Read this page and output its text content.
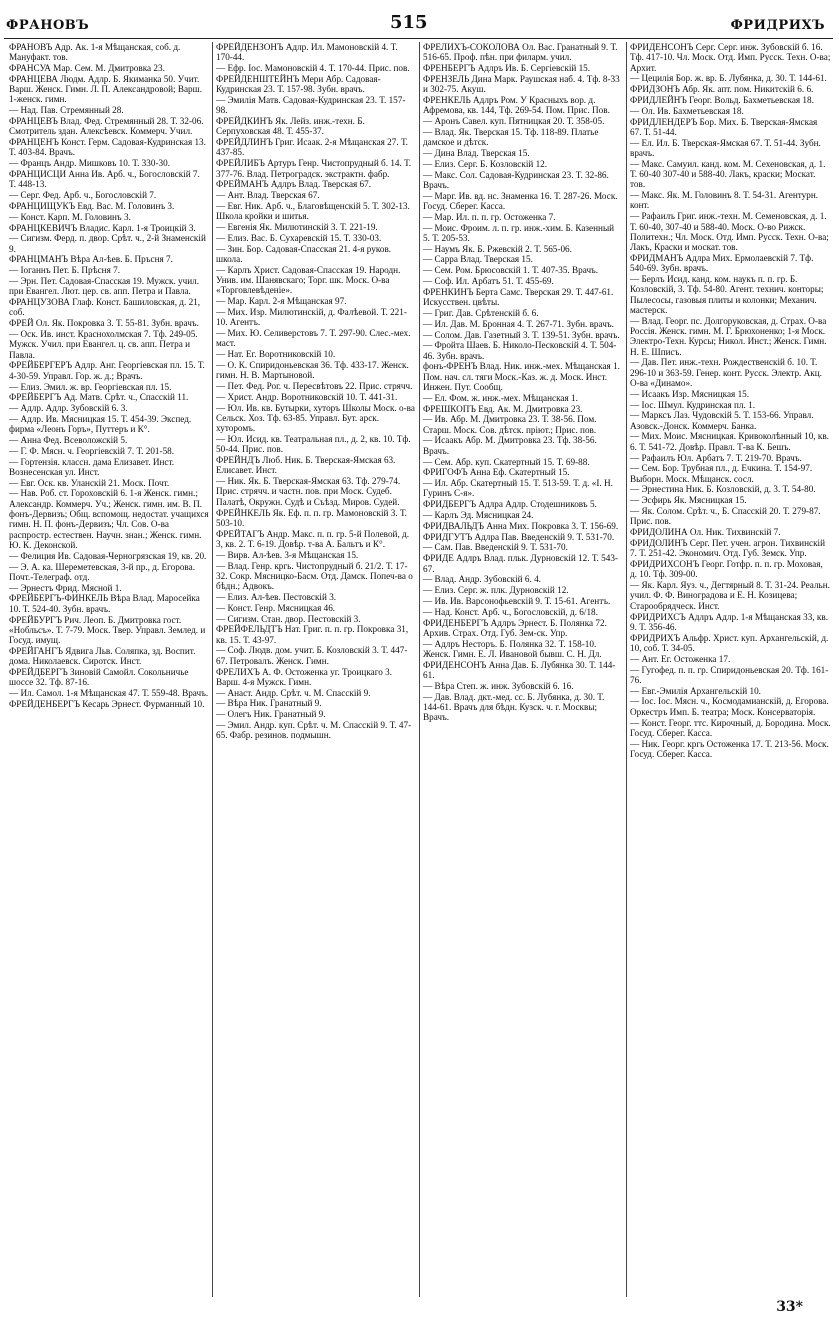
ФРАНОВЪ	515	ФРИДРИХЪ
ФРАНОВЪ Адр. Ак. 1-я Мѣщанская, соб. д. Мануфакт. тов.
ФРАНСУА Мар. Сем. М. Дмитровка 23.
ФРАНЦЕВА Людм. Адлр. Б. Якиманка 50. Учит. Варш. Женск. Гимн. Л. П. Александровой; Варш. 1-женск. гимн.
— Над. Пав. Стремянный 28.
ФРАНЦЕВЪ Влад. Фед. Стремянный 28. Т. 32-06. Смотритель здан. Алексѣевск. Коммерч. Учил.
ФРАНЦЕНЪ Конст. Герм. Садовая-Кудринская 13. Т. 403-84. Врачъ.
— Францъ Андр. Мишковъ 10. Т. 330-30.
ФРАНЦИСЦИ Анна Ив. Арб. ч., Богословскій 7. Т. 448-13.
— Серг. Фед. Арб. ч., Богословскій 7.
ФРАНЦИЩУКЪ Евд. Вас. М. Головинъ 3.
— Конст. Карп. М. Головинъ 3.
ФРАНЦКЕВИЧЪ Владис. Карл. 1-я Троицкій 3.
— Сигизм. Ферд. п. двор. Срѣт. ч., 2-й Знаменскій 9.
ФРАНЦМАНЪ Вѣра Ал-ѣев. Б. Пръсня 7.
— Іоганнъ Пет. Б. Прѣсня 7.
— Эрн. Пет. Садовая-Спасская 19. Мужск. учил. при Евангел. Лют. цер. св. апп. Петра и Павла.
ФРАНЦУЗОВА Глаф. Конст. Башиловская, д. 21, соб.
ФРЕЙ Ол. Як. Покровка 3. Т. 55-81. Зубн. врачъ.
— Оск. Ив. инст. Краснохолмская 7. Тф. 249-05. Мужск. Учил. при Евангел. ц. св. апп. Петра и Павла.
ФРЕЙБЕРГЕРЪ Адлр. Анг. Георгіевская пл. 15. Т. 4-30-59. Управл. Гор. ж. д.; Врачъ.
— Елиз. Эмил. ж. вр. Георгіевская пл. 15.
ФРЕЙБЕРГЪ Ад. Матв. Срѣт. ч., Спасскій 11.
— Адлр. Адлр. Зубовскій 6. 3.
— Адлр. Ив. Мясницкая 15. Т. 454-39. Экспед. фирма «Леонъ Горъ», Путтеръ и К°.
— Анна Фед. Всеволожскій 5.
— Г. Ф. Мясн. ч. Георгіевскій 7. Т. 201-58.
— Гортензія. классн. дама Елизавет. Инст. Вознесенская ул. Инст.
— Евг. Оск. кв. Уланскій 21. Моск. Почт.
— Нав. Роб. ст. Гороховскій 6. 1-я Женск. гимн.; Александр. Коммерч. Уч.; Женск. гимн. им. В. П. фонъ-Дервизъ; Общ. вспомощ. недостат. учащихся гимн. Н. П. фонъ-Дервизъ; Чл. Сов. О-ва распростр. естествен. Научн. знан.; Женск. гимн. Ю. К. Деконской.
— Фелиция Ив. Садовая-Черногрязская 19, кв. 20.
— Э. А. ка. Шереметевская, 3-й пр., д. Егорова. Почт.-Телеграф. отд.
— Эрнестъ Фрид. Мясной 1.
ФРЕЙБЕРГЪ-ФИНКЕЛЬ Вѣра Влад. Маросейка 10. Т. 524-40. Зубн. врачъ.
ФРЕЙБУРГЪ Рич. Леоп. Б. Дмитровка гост. «Нобльсъ». Т. 7-79. Моск. Твер. Управл. Землед. и Госуд. имущ.
ФРЕЙГАНГЪ Ядвига Льв. Соляпка, зд. Воспит. дома. Николаевск. Сиротск. Инст.
ФРЕЙДБЕРГЪ Зиновій Самойл. Сокольничье шоссе 32. Тф. 87-16.
— Ил. Самол. 1-я Мѣщанская 47. Т. 559-48. Врачъ.
ФРЕЙДЕНБЕРГЪ Кесарь Эрнест. Фурманный 10.
ФРЕЙДЕНЗОНЪ Адлр. Ил. Мамоновскій 4. Т. 170-44.
— Ефр. Іос. Мамоновскій 4. Т. 170-44. Прис. пов.
ФРЕЙДЕНШТЕЙНЪ Мери Абр. Садовая-Кудринская 23. Т. 157-98. Зубн. врачъ.
— Эмилія Матв. Садовая-Кудринская 23. Т. 157-98.
ФРЕЙДКИНЪ Як. Лейз. инж.-техн. Б. Серпуховская 48. Т. 455-37.
ФРЕЙДЛИНЪ Григ. Исаак. 2-я Мѣщанская 27. Т. 437-85.
ФРЕЙЛИБЪ Артуръ Генр. Чистопрудный б. 14. Т. 377-76. Влад. Петроградск. экстрактн. фабр.
ФРЕЙМАНЪ Адлръ Влад. Тверская 67.
— Ант. Влад. Тверская 67.
— Евг. Ник. Арб. ч., Благовѣщенскій 5. Т. 302-13. Школа кройки и шитья.
— Евгенія Як. Милютинскій 3. Т. 221-19.
— Елиз. Вас. Б. Сухаревскій 15. Т. 330-03.
— Зин. Бор. Садовая-Спасская 21. 4-я руков. школа.
— Карлъ Христ. Садовая-Спасская 19. Народн. Унив. им. Шанявскаго; Торг. шк. Моск. О-ва «Торговлевѣденіе».
— Мар. Карл. 2-я Мѣщанская 97.
— Мих. Изр. Милютинскій, д. Фалѣевой. Т. 221-10. Агентъ.
— Мих. Ю. Селиверстовъ 7. Т. 297-90. Слес.-мех. маст.
— Нат. Ег. Воротниковскій 10.
— О. К. Спиридоньевская 36. Тф. 433-17. Женск. гимн. Н. В. Мартыновой.
— Пет. Фед. Рог. ч. Пересвѣтовъ 22. Прис. стрячч.
— Христ. Андр. Воротниковскій 10. Т. 441-31.
— Юл. Ив. кв. Бутырки, хуторъ Школы Моск. о-ва Сельск. Хоз. Тф. 63-85. Управл. Бут. арск. хуторомъ.
— Юл. Исид. кв. Театральная пл., д. 2, кв. 10. Тф. 50-44. Прис. пов.
ФРЕЙНДЪ Люб. Ник. Б. Тверская-Ямская 63. Елисавет. Инст.
— Ник. Як. Б. Тверская-Ямская 63. Тф. 279-74. Прис. стрячч. и частн. пов. при Моск. Судеб. Палатѣ, Окружн. Судѣ и Съѣзд. Миров. Судей.
ФРЕЙНКЕЛЬ Як. Еф. п. п. гр. Мамоновскій 3. Т. 503-10.
ФРЕЙТАГЪ Андр. Макс. п. п. гр. 5-й Полевой, д. 3, кв. 2. Т. 6-19. Довѣр. т-ва А. Бальтъ и К°.
— Вирв. Ал-ѣев. 3-я Мѣщанская 15.
— Влад. Генр. кргь. Чистопрудный б. 21/2. Т. 17-32. Сокр. Мясницко-Басм. Отд. Дамск. Попеч-ва о бѣдн.; Адвокъ.
— Елиз. Ал-ѣев. Пестовскій 3.
— Конст. Генр. Мясницкая 46.
— Сигизм. Стан. двор. Пестовскій 3.
ФРЕЙФЕЛЬДТЪ Нат. Григ. п. п. гр. Покровка 31, кв. 15. Т. 43-97.
— Соф. Людв. дом. учит. Б. Козловскій 3. Т. 447-67. Петровалъ. Женск. Гимн.
ФРЕЛИХЪ А. Ф. Остоженка уг. Троицкаго 3. Варш. 4-я Мужск. Гимн.
— Анаст. Андр. Срѣт. ч. М. Спасскій 9.
— Вѣра Ник. Гранатный 9.
— Олегъ Ник. Гранатный 9.
— Эмил. Андр. куп. Срѣт. ч. М. Спасскій 9. Т. 47-65. Фабр. резинов. подмышн.
ФРЕЛИХЪ-СОКОЛОВА Ол. Вас. Гранатный 9. Т. 516-65. Проф. пѣн. при филарм. учил.
ФРЕНБЕРГЪ Адлръ Ив. Б. Сергіевскій 15.
ФРЕНЗЕЛЬ Дина Марк. Раушская наб. 4. Тф. 8-33 и 302-75. Акуш.
ФРЕНКЕЛЬ Адлръ Ром. У Красныхъ вор. д. Афремова, кв. 144, Тф. 269-54. Пом. Прис. Пов.
— Аронъ Савел. куп. Пятницкая 20. Т. 358-05.
— Влад. Як. Тверская 15. Тф. 118-89. Платье дамское и дѣтск.
— Дина Влад. Тверская 15.
— Елиз. Серг. Б. Козловскій 12.
— Макс. Сол. Садовая-Кудринская 23. Т. 32-86. Врачъ.
— Марг. Ив. вд. нс. Знаменка 16. Т. 287-26. Моск. Госуд. Сберег. Касса.
— Мар. Ил. п. п. гр. Остоженка 7.
— Моис. Фроим. л. п. гр. инж.-хим. Б. Казенный 5. Т. 205-53.
— Наумъ Як. Б. Ржевскій 2. Т. 565-06.
— Сарра Влад. Тверская 15.
— Сем. Ром. Брюсовскій 1. Т. 407-35. Врачъ.
— Соф. Ил. Арбатъ 51. Т. 455-69.
ФРЕНКИНЪ Берта Самс. Тверская 29. Т. 447-61. Искусствен. цвѣты.
— Григ. Дав. Срѣтенскій б. 6.
— Ил. Дав. М. Бронная 4. Т. 267-71. Зубн. врачъ.
— Солом. Дав. Газетный 3. Т. 139-51. Зубн. врачъ.
— Фройта Шаев. Б. Николо-Песковскій 4. Т. 504-46. Зубн. врачъ.
фонъ-ФРЕНЪ Влад. Ник. инж.-мех. Мѣщанская 1. Пом. нач. сл. тяги Моск.-Каз. ж. д. Моск. Инст. Инжен. Пут. Сообщ.
— Ел. Фом. ж. инж.-мех. Мѣщанская 1.
ФРЕШКОПЪ Евд. Ак. М. Дмитровка 23.
— Ив. Абр. М. Дмитровка 23. Т. 38-56. Пом. Старш. Моск. Сов. дѣтск. пріют.; Прис. пов.
— Исаакъ Абр. М. Дмитровка 23. Тф. 38-56. Врачъ.
— Сем. Абр. куп. Скатертный 15. Т. 69-88.
ФРИГОФЪ Анна Еф. Скатертный 15.
— Ил. Абр. Скатертный 15. Т. 513-59. Т. д. «І. Н. Гуринъ С-я».
ФРИДБЕРГЪ Адлра Адлр. Стодешниковъ 5.
— Карлъ Эд. Мясницкая 24.
ФРИДВАЛЬДЪ Анна Мих. Покровка 3. Т. 156-69.
ФРИДГУТЪ Адлра Пав. Введенскій 9. Т. 531-70.
— Сам. Пав. Введенскій 9. Т. 531-70.
ФРИДЕ Адлръ Влад. пльк. Дурновскій 12. Т. 543-67.
— Влад. Андр. Зубовскій 6. 4.
— Елиз. Серг. ж. плк. Дурновскій 12.
— Ив. Ив. Варсонофьевскій 9. Т. 15-61. Агентъ.
— Над. Конст. Арб. ч., Богословскій, д. 6/18.
ФРИДЕНБЕРГЪ Адлръ Эрнест. Б. Полянка 72. Архив. Страх. Отд. Губ. Зем-ск. Упр.
— Адлръ Несторъ. Б. Полянка 32. Т. 158-10. Женск. Гимн. Е. Л. Ивановой бывш. С. Н. Дл.
ФРИДЕНСОНЪ Анна Дав. Б. Лубянка 30. Т. 144-61.
— Вѣра Степ. ж. инж. Зубовскій 6. 16.
— Дав. Влад. дкт.-мед. сс. Б. Лубянка, д. 30. Т. 144-61. Врачъ для бѣдн. Кузск. ч. г. Москвы; Врачъ.
ФРИДЕНСОНЪ Серг. Серг. инж. Зубовскій б. 16. Тф. 417-10. Чл. Моск. Отд. Имп. Русск. Техн. О-ва; Архит.
— Цецилія Бор. ж. вр. Б. Лубянка, д. 30. Т. 144-61.
ФРИДЗОНЪ Абр. Як. апт. пом. Никитскій 6. 6.
ФРИДЛЕЙНЪ Георг. Вольд. Бахметьевская 18.
— Ол. Ив. Бахметьевская 18.
ФРИДЛЕНДЕРЪ Бор. Мих. Б. Тверская-Ямская 67. Т. 51-44.
— Ел. Ил. Б. Тверская-Ямская 67. Т. 51-44. Зубн. врачъ.
— Макс. Самуил. канд. ком. М. Сехеновская, д. 1. Т. 60-40 307-40 и 588-40. Лакъ, краски; Москат. тов.
— Макс. Як. М. Головинъ 8. Т. 54-31. Агентурн. конт.
— Рафаилъ Григ. инж.-техн. М. Семеновская, д. 1. Т. 60-40, 307-40 и 588-40. Моск. О-во Рижск. Политехн.; Чл. Моск. Отд. Имп. Русск. Техн. О-ва; Лакъ, Краски и москат. тов.
ФРИДМАНЪ Адлра Мих. Ермолаевскій 7. Тф. 540-69. Зубн. врачъ.
— Берлъ Исид. канд. ком. наукъ п. п. гр. Б. Козловскій, 3. Тф. 54-80. Агент. технич. конторы; Пылесосы, газовыя плиты и колонки; Механич. мастерск.
— Влад. Георг. пс. Долгоруковская, д. Страх. О-ва Россія. Женск. гимн. М. Г. Брюхоненко; 1-я Моск. Электро-Техн. Курсы; Никол. Инст.; Женск. Гимн. Н. Е. Шписъ.
— Дав. Пет. инж.-техн. Рождественскій б. 10. Т. 296-10 и 363-59. Генер. конт. Русск. Электр. Акц. О-ва «Динамо».
— Исаакъ Изр. Мясницкая 15.
— Іос. Шмул. Кудринская пл. 1.
— Марксъ Лаз. Чудовскій 5. Т. 153-66. Управл. Азовск.-Донск. Коммерч. Банка.
— Мих. Моис. Мясницкая. Кривоколѣнный 10, кв. 6. Т. 541-72. Довѣр. Правл. Т-ва К. Бешъ.
— Рафаилъ Юл. Арбатъ 7. Т. 219-70. Врачъ.
— Сем. Бор. Трубная пл., д. Ечкина. Т. 154-97. Выборн. Моск. Мѣщанск. сосл.
— Эрнестина Ник. Б. Козловскій, д. 3. Т. 54-80.
— Эсфирь Як. Мясницкая 15.
— Як. Солом. Срѣт. ч., Б. Спасскій 20. Т. 279-87. Прис. пов.
ФРИДОЛИНА Ол. Ник. Тихвинскій 7.
ФРИДОЛИНЪ Серг. Пет. учен. агрон. Тихвинскій 7. Т. 251-42. Экономич. Отд. Губ. Земск. Упр.
ФРИДРИХСОНЪ Георг. Готфр. п. п. гр. Моховая, д. 10. Тф. 309-00.
— Як. Карл. Яуз. ч., Дегтярный 8. Т. 31-24. Реальн. учил. Ф. Ф. Виноградова и Е. Н. Козицева; Старообрядческ. Инст.
ФРИДРИХСЪ Адлръ Адлр. 1-я Мѣщанская 33, кв. 9. Т. 356-46.
ФРИДРИХЪ Альфр. Христ. куп. Архангельскій, д. 10, соб. Т. 34-05.
— Ант. Ег. Остоженка 17.
— Гугофед. п. п. гр. Спиридоньевская 20. Тф. 161-76.
— Евг.-Эмилія Архангельскій 10.
— Іос. Іос. Мясн. ч., Космодамианскій, д. Егорова. Оркестръ Имп. Б. театра; Моск. Консерваторія.
— Конст. Георг. ттс. Кирочный, д. Бородина. Моск. Госуд. Сберег. Касса.
— Ник. Георг. кргь Остоженка 17. Т. 213-56. Моск. Госуд. Сберег. Касса.
33*
